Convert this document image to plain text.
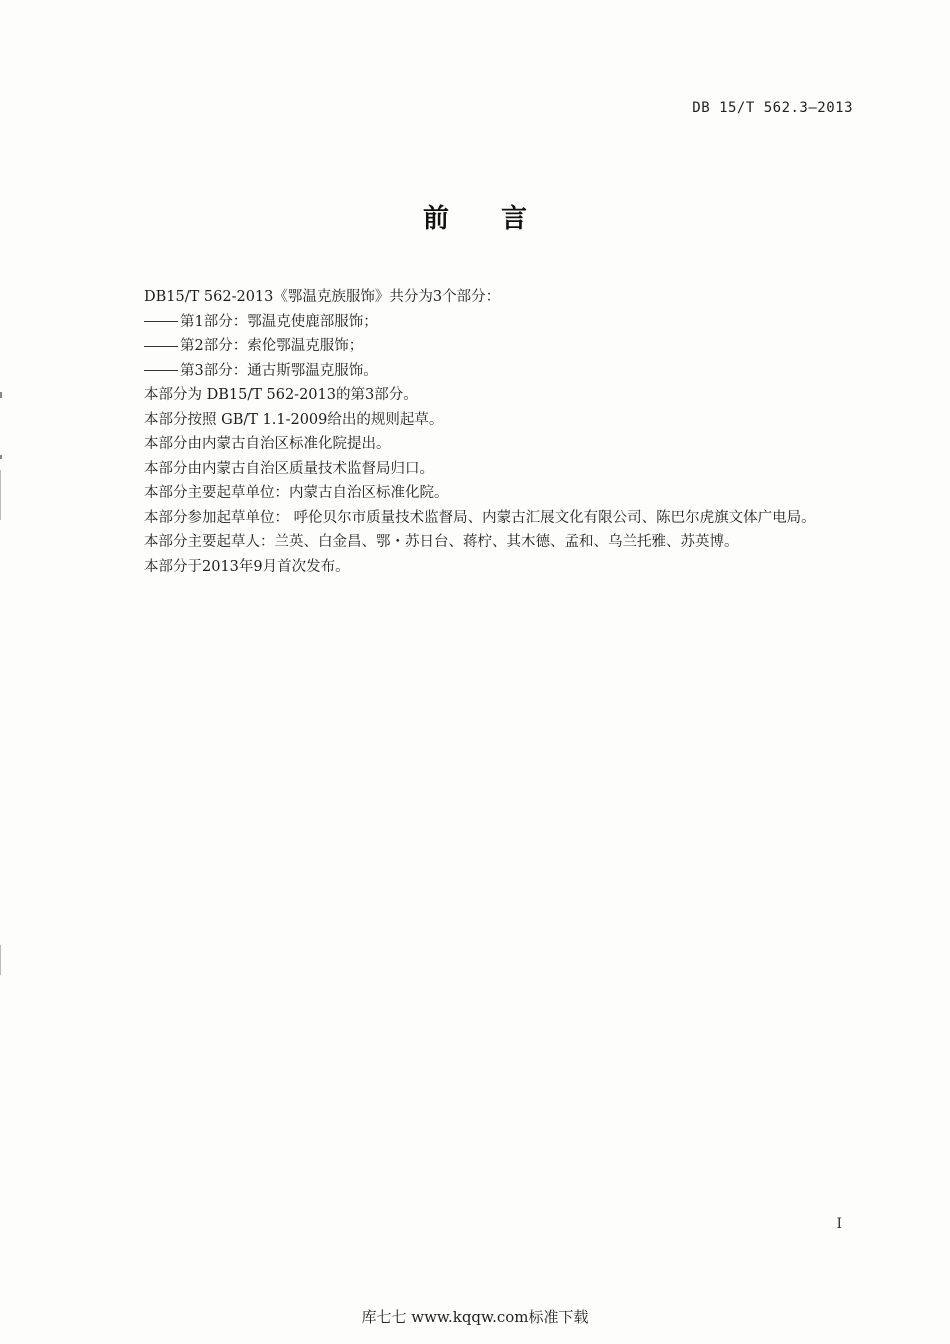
DB 15/T 562.3—2013
前言

DB15/T 562-2013《鄂温克族服饰》共分为3个部分：

第1部分：鄂温克使鹿部服饰；

第2部分：索伦鄂温克服饰；

第3部分：通古斯鄂温克服饰。

本部分为 DB15/T 562-2013的第3部分。

本部分按照 GB/T 1.1-2009给出的规则起草。

本部分由内蒙古自治区标准化院提出。

本部分由内蒙古自治区质量技术监督局归口。

本部分主要起草单位：内蒙古自治区标准化院。

本部分参加起草单位： 呼伦贝尔市质量技术监督局、内蒙古汇展文化有限公司、陈巴尔虎旗文体广电局。

本部分主要起草人：兰英、白金昌、鄂・苏日台、蒋柠、其木德、孟和、乌兰托雅、苏英博。

本部分于2013年9月首次发布。

I
库七七 www.kqqw.com标准下载
